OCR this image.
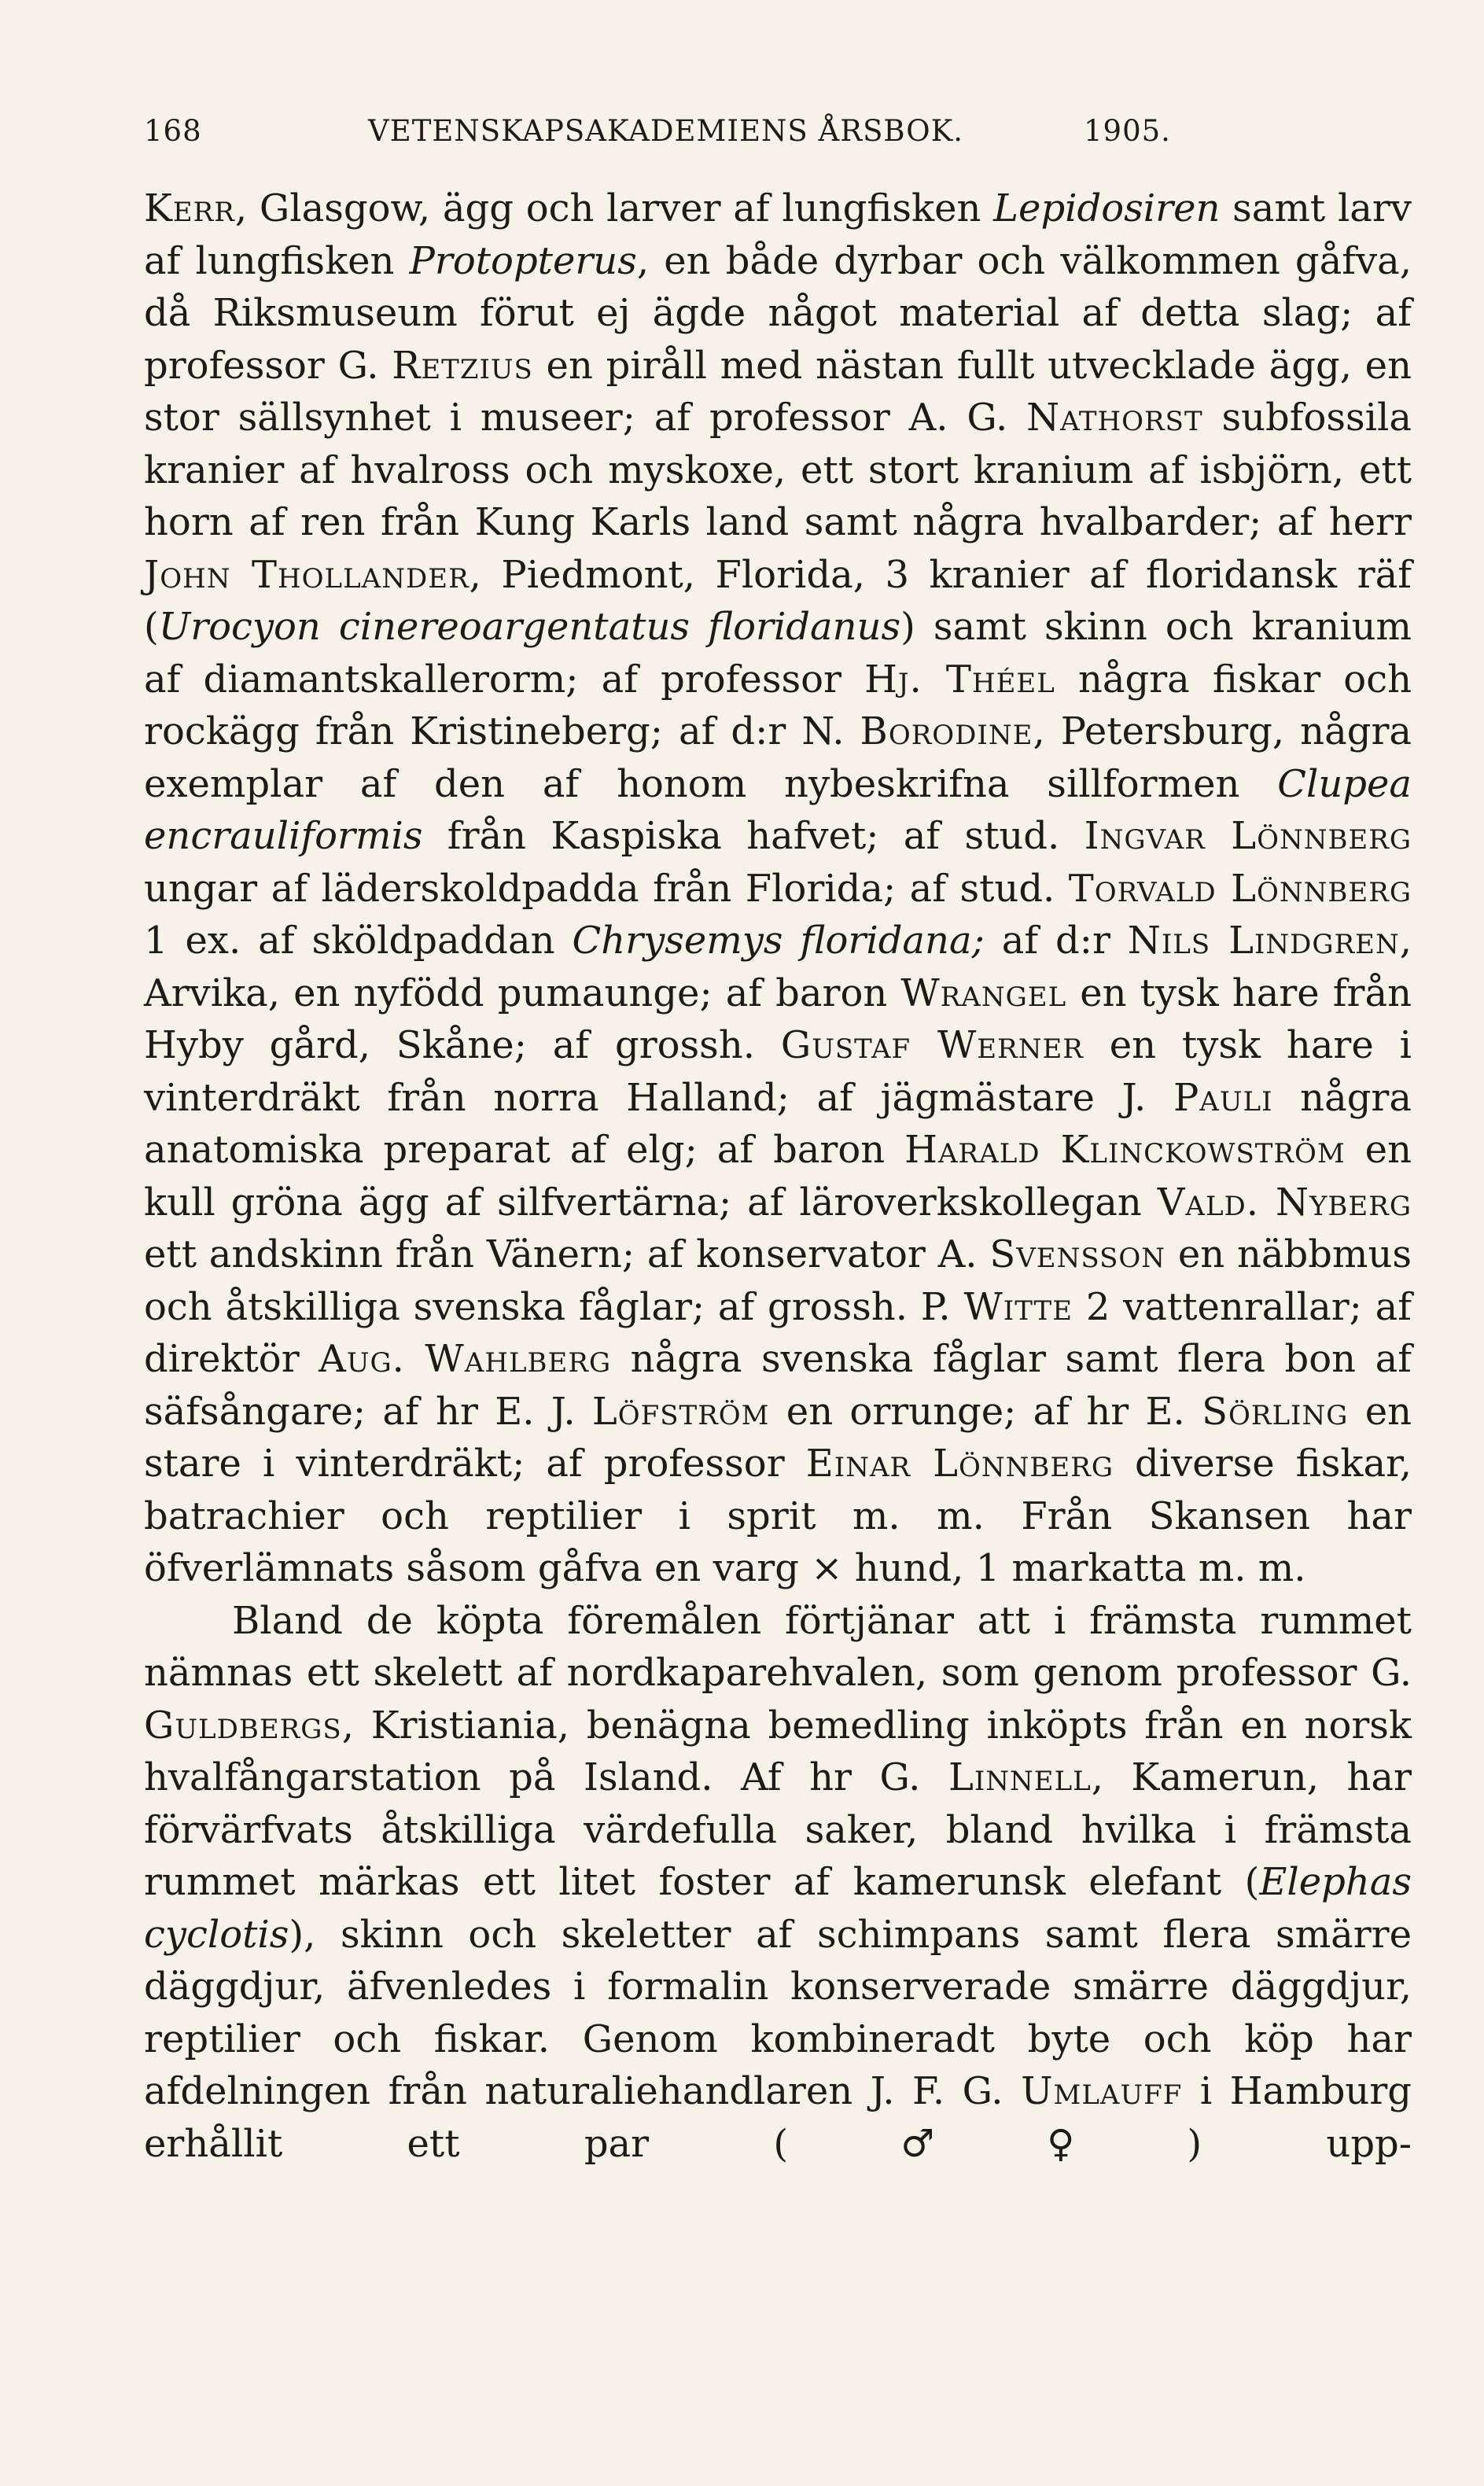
168	VETENSKAPSAKADEMIENS ÅRSBOK.	1905.

Kerr, Glasgow, ägg och larver af lungfisken Lepidosiren samt larv af lungfisken Protopterus, en både dyrbar och välkommen gåfva, då Riksmuseum förut ej ägde något material af detta slag; af professor G. Retzius en piråll med nästan fullt utvecklade ägg, en stor sällsynhet i museer; af professor A. G. Nathorst subfossila kranier af hvalross och myskoxe, ett stort kranium af isbjörn, ett horn af ren från Kung Karls land samt några hvalbarder; af herr John Thollander, Piedmont, Florida, 3 kranier af floridansk räf (Urocyon cinereoargentatus floridanus) samt skinn och kranium af diamantskallerorm; af professor Hj. Théel några fiskar och rockägg från Kristineberg; af d:r N. Borodine, Petersburg, några exemplar af den af honom nybeskrifna sillformen Clupea encrauliformis från Kaspiska hafvet; af stud. Ingvar Lönnberg ungar af läderskoldpadda från Florida; af stud. Torvald Lönnberg 1 ex. af sköldpaddan Chrysemys floridana; af d:r Nils Lindgren, Arvika, en nyfödd pumaunge; af baron Wrangel en tysk hare från Hyby gård, Skåne; af grossh. Gustaf Werner en tysk hare i vinterdräkt från norra Halland; af jägmästare J. Pauli några anatomiska preparat af elg; af baron Harald Klinckowström en kull gröna ägg af silfvertärna; af läroverkskollegan Vald. Nyberg ett andskinn från Vänern; af konservator A. Svensson en näbbmus och åtskilliga svenska fåglar; af grossh. P. Witte 2 vattenrallar; af direktör Aug. Wahlberg några svenska fåglar samt flera bon af säfsångare; af hr E. J. Löfström en orrunge; af hr E. Sörling en stare i vinterdräkt; af professor Einar Lönnberg diverse fiskar, batrachier och reptilier i sprit m. m. Från Skansen har öfverlämnats såsom gåfva en varg × hund, 1 markatta m. m.

Bland de köpta föremålen förtjänar att i främsta rummet nämnas ett skelett af nordkaparehvalen, som genom professor G. Guldbergs, Kristiania, benägna bemedling inköpts från en norsk hvalfångarstation på Island. Af hr G. Linnell, Kamerun, har förvärfvats åtskilliga värdefulla saker, bland hvilka i främsta rummet märkas ett litet foster af kamerunsk elefant (Elephas cyclotis), skinn och skeletter af schimpans samt flera smärre däggdjur, äfvenledes i formalin konserverade smärre däggdjur, reptilier och fiskar. Genom kombineradt byte och köp har afdelningen från naturaliehandlaren J. F. G. Umlauff i Hamburg erhållit ett par (♂♀) upp-
